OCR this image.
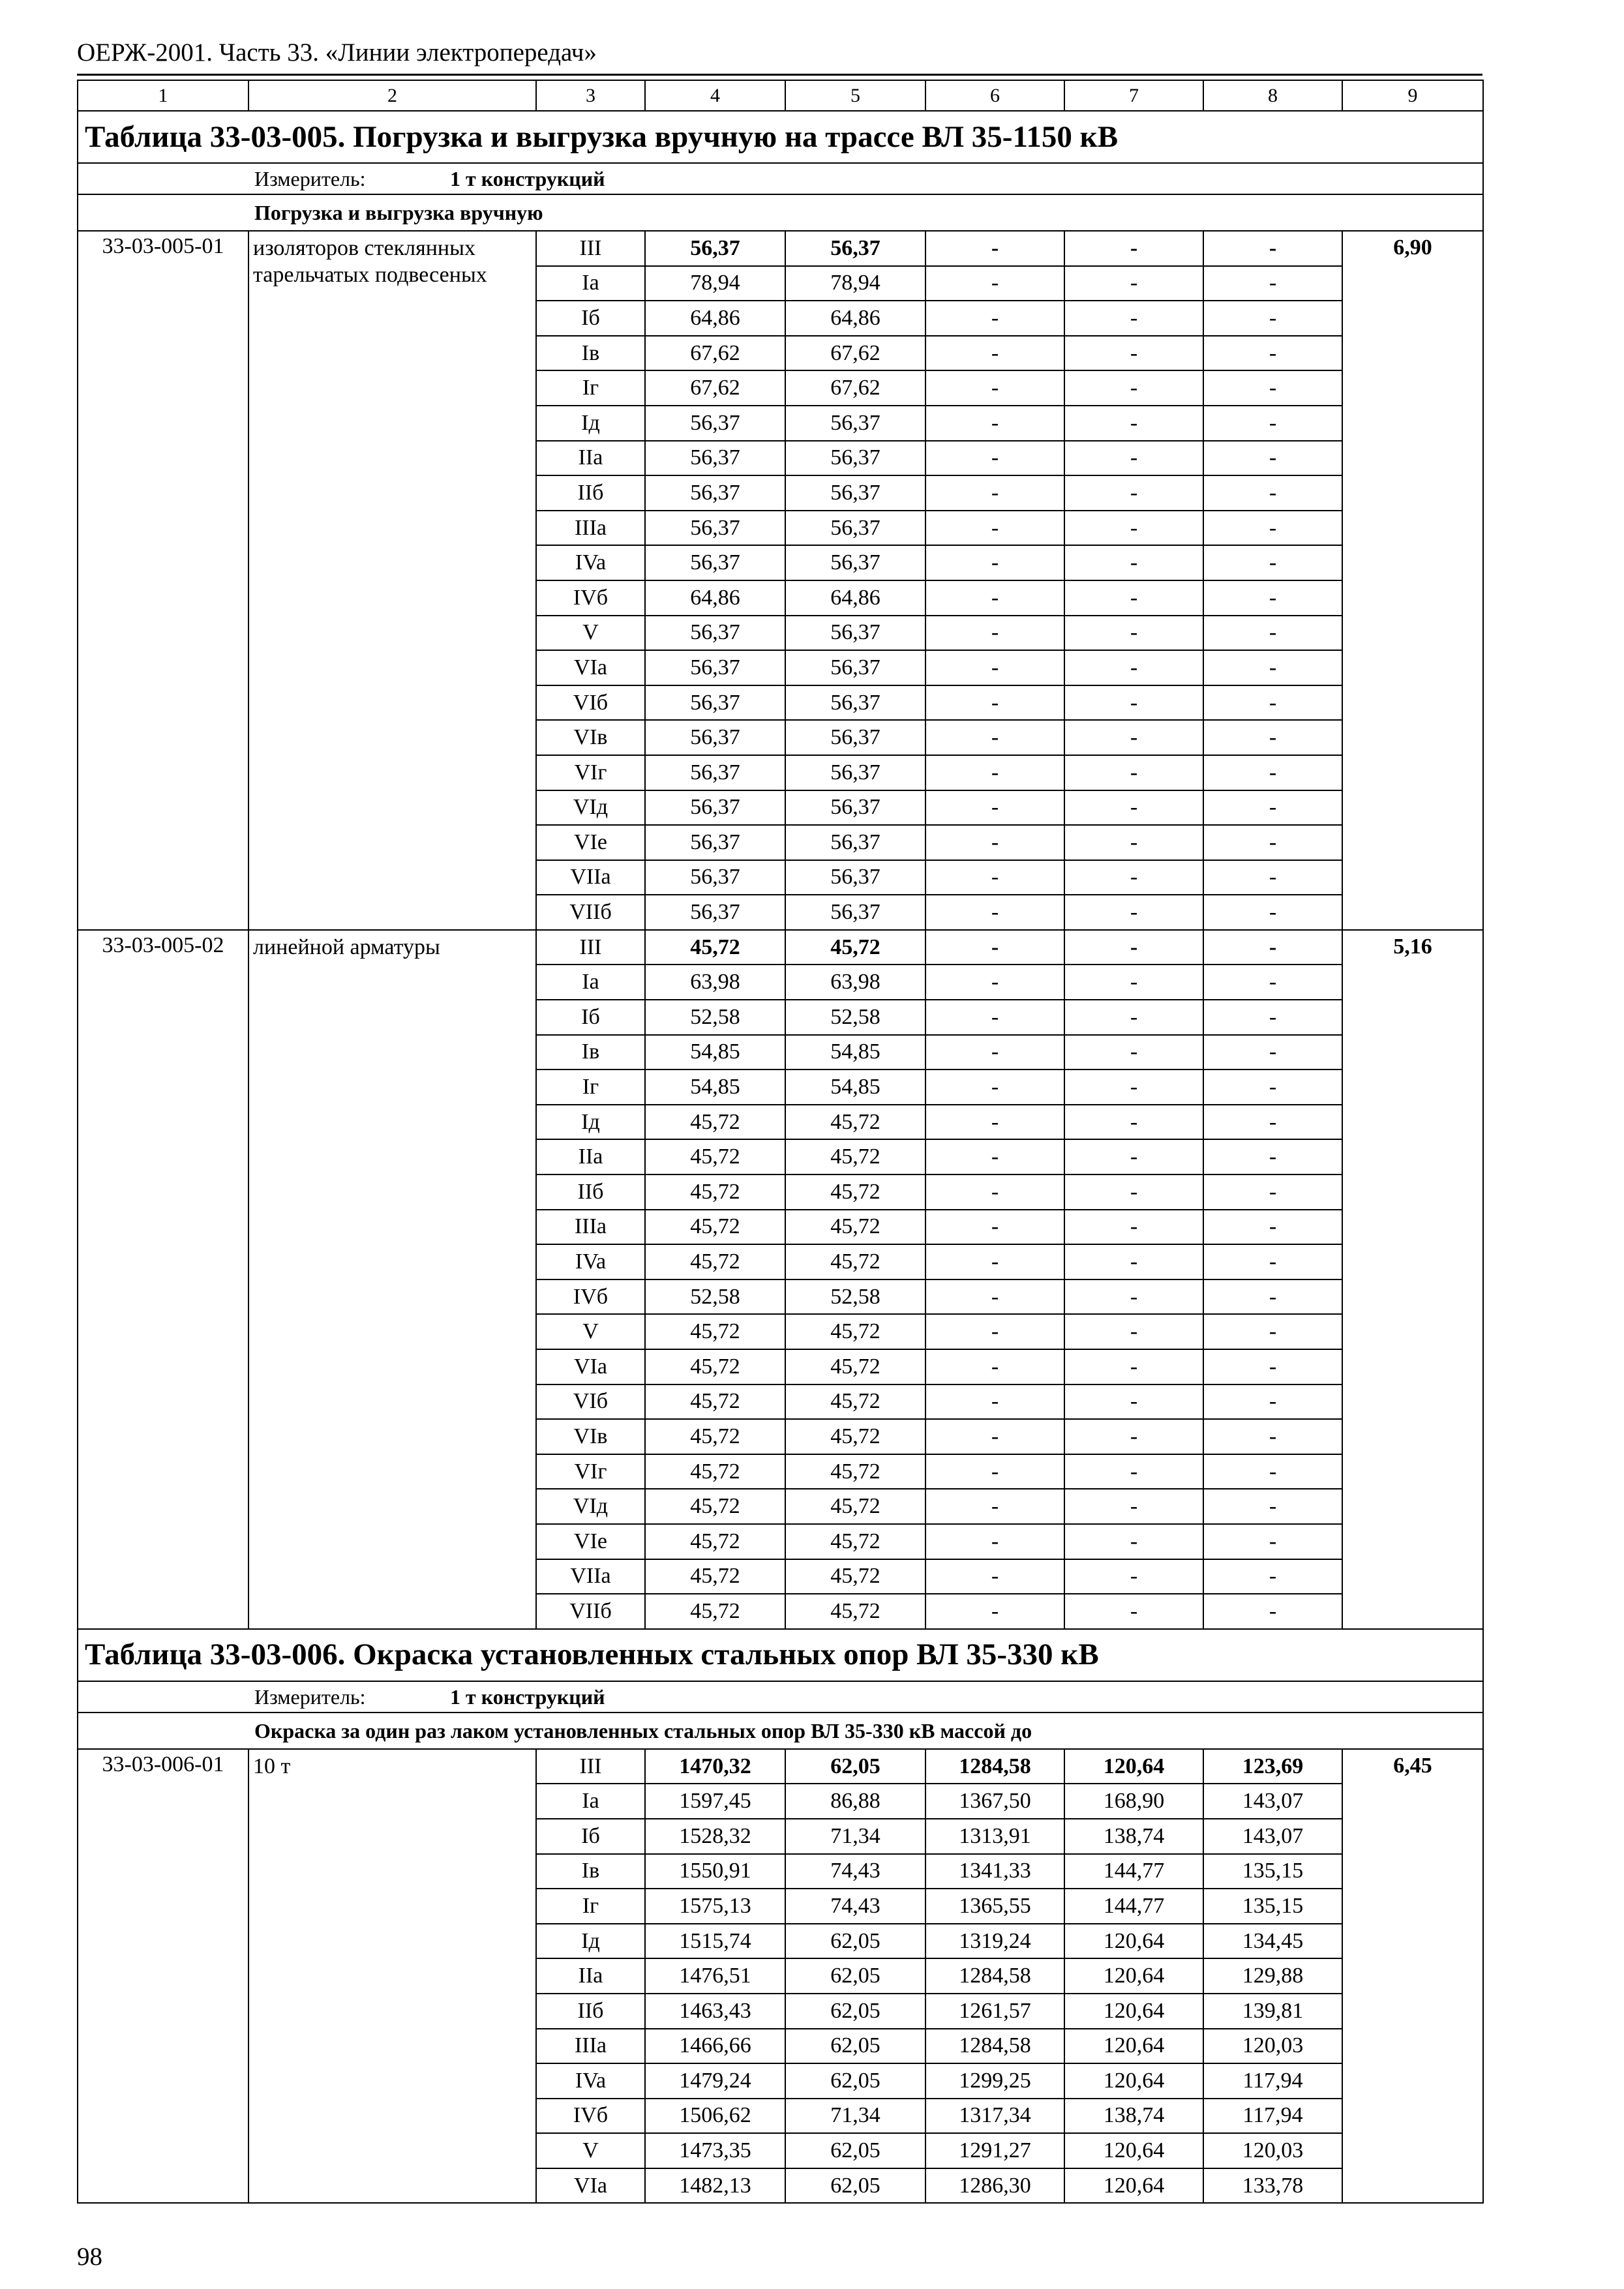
ОЕРЖ-2001. Часть 33. «Линии электропередач»
1	2	3	4	5	6	7	8	9
Таблица 33-03-005. Погрузка и выгрузка вручную на трассе ВЛ 35-1150 кВ								
Измеритель: 1 т конструкций								
Погрузка и выгрузка вручную								
33-03-005-01	изоляторов стеклянных тарельчатых подвесеных	III	56,37	56,37	-	-	-	6,90
		Ia	78,94	78,94	-	-	-	
		Iб	64,86	64,86	-	-	-	
		Iв	67,62	67,62	-	-	-	
		Iг	67,62	67,62	-	-	-	
		Iд	56,37	56,37	-	-	-	
		IIa	56,37	56,37	-	-	-	
		IIб	56,37	56,37	-	-	-	
		IIIa	56,37	56,37	-	-	-	
		IVa	56,37	56,37	-	-	-	
		IVб	64,86	64,86	-	-	-	
		V	56,37	56,37	-	-	-	
		VIa	56,37	56,37	-	-	-	
		VIб	56,37	56,37	-	-	-	
		VIв	56,37	56,37	-	-	-	
		VIг	56,37	56,37	-	-	-	
		VIд	56,37	56,37	-	-	-	
		VIe	56,37	56,37	-	-	-	
		VIIa	56,37	56,37	-	-	-	
		VIIб	56,37	56,37	-	-	-	
33-03-005-02	линейной арматуры	III	45,72	45,72	-	-	-	5,16
		Ia	63,98	63,98	-	-	-	
		Iб	52,58	52,58	-	-	-	
		Iв	54,85	54,85	-	-	-	
		Iг	54,85	54,85	-	-	-	
		Iд	45,72	45,72	-	-	-	
		IIa	45,72	45,72	-	-	-	
		IIб	45,72	45,72	-	-	-	
		IIIa	45,72	45,72	-	-	-	
		IVa	45,72	45,72	-	-	-	
		IVб	52,58	52,58	-	-	-	
		V	45,72	45,72	-	-	-	
		VIa	45,72	45,72	-	-	-	
		VIб	45,72	45,72	-	-	-	
		VIв	45,72	45,72	-	-	-	
		VIг	45,72	45,72	-	-	-	
		VIд	45,72	45,72	-	-	-	
		VIe	45,72	45,72	-	-	-	
		VIIa	45,72	45,72	-	-	-	
		VIIб	45,72	45,72	-	-	-	
Таблица 33-03-006. Окраска установленных стальных опор ВЛ 35-330 кВ								
Измеритель: 1 т конструкций								
Окраска за один раз лаком установленных стальных опор ВЛ 35-330 кВ массой до								
33-03-006-01	10 т	III	1470,32	62,05	1284,58	120,64	123,69	6,45
		Ia	1597,45	86,88	1367,50	168,90	143,07	
		Iб	1528,32	71,34	1313,91	138,74	143,07	
		Iв	1550,91	74,43	1341,33	144,77	135,15	
		Iг	1575,13	74,43	1365,55	144,77	135,15	
		Iд	1515,74	62,05	1319,24	120,64	134,45	
		IIa	1476,51	62,05	1284,58	120,64	129,88	
		IIб	1463,43	62,05	1261,57	120,64	139,81	
		IIIa	1466,66	62,05	1284,58	120,64	120,03	
		IVa	1479,24	62,05	1299,25	120,64	117,94	
		IVб	1506,62	71,34	1317,34	138,74	117,94	
		V	1473,35	62,05	1291,27	120,64	120,03	
		VIa	1482,13	62,05	1286,30	120,64	133,78	
98
